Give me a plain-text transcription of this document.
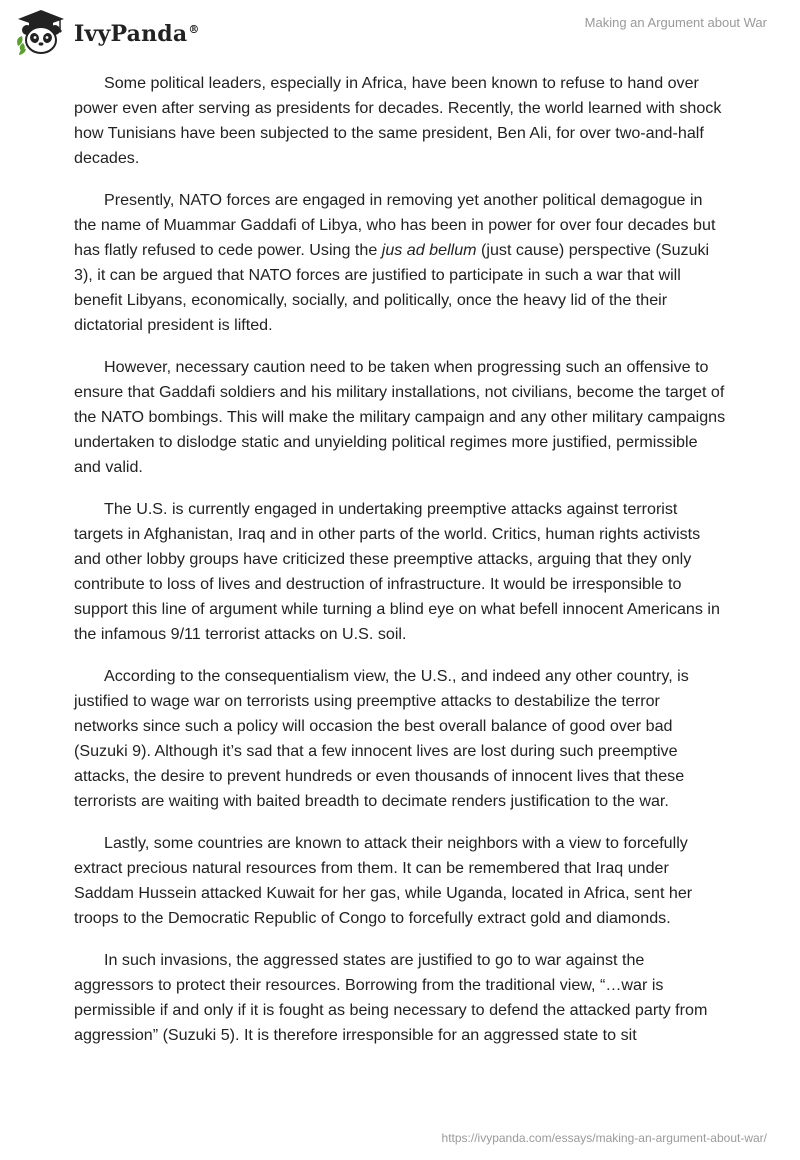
IvyPanda®	Making an Argument about War

Some political leaders, especially in Africa, have been known to refuse to hand over power even after serving as presidents for decades. Recently, the world learned with shock how Tunisians have been subjected to the same president, Ben Ali, for over two-and-half decades.

Presently, NATO forces are engaged in removing yet another political demagogue in the name of Muammar Gaddafi of Libya, who has been in power for over four decades but has flatly refused to cede power. Using the jus ad bellum (just cause) perspective (Suzuki 3), it can be argued that NATO forces are justified to participate in such a war that will benefit Libyans, economically, socially, and politically, once the heavy lid of the their dictatorial president is lifted.

However, necessary caution need to be taken when progressing such an offensive to ensure that Gaddafi soldiers and his military installations, not civilians, become the target of the NATO bombings. This will make the military campaign and any other military campaigns undertaken to dislodge static and unyielding political regimes more justified, permissible and valid.

The U.S. is currently engaged in undertaking preemptive attacks against terrorist targets in Afghanistan, Iraq and in other parts of the world. Critics, human rights activists and other lobby groups have criticized these preemptive attacks, arguing that they only contribute to loss of lives and destruction of infrastructure. It would be irresponsible to support this line of argument while turning a blind eye on what befell innocent Americans in the infamous 9/11 terrorist attacks on U.S. soil.

According to the consequentialism view, the U.S., and indeed any other country, is justified to wage war on terrorists using preemptive attacks to destabilize the terror networks since such a policy will occasion the best overall balance of good over bad (Suzuki 9). Although it’s sad that a few innocent lives are lost during such preemptive attacks, the desire to prevent hundreds or even thousands of innocent lives that these terrorists are waiting with baited breadth to decimate renders justification to the war.

Lastly, some countries are known to attack their neighbors with a view to forcefully extract precious natural resources from them. It can be remembered that Iraq under Saddam Hussein attacked Kuwait for her gas, while Uganda, located in Africa, sent her troops to the Democratic Republic of Congo to forcefully extract gold and diamonds.

In such invasions, the aggressed states are justified to go to war against the aggressors to protect their resources. Borrowing from the traditional view, “…war is permissible if and only if it is fought as being necessary to defend the attacked party from aggression” (Suzuki 5). It is therefore irresponsible for an aggressed state to sit

https://ivypanda.com/essays/making-an-argument-about-war/
